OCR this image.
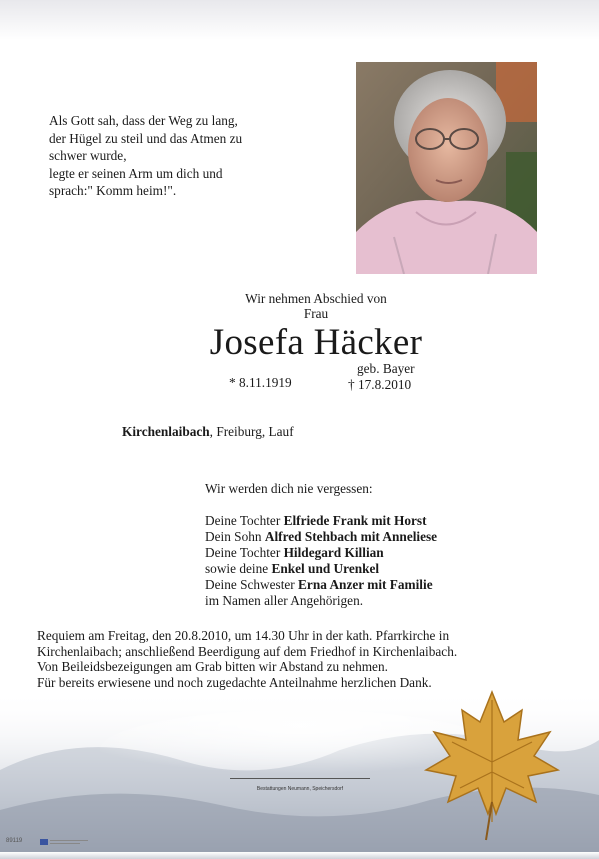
Als Gott sah, dass der Weg zu lang,
der Hügel zu steil und das Atmen zu
schwer wurde,
legte er seinen Arm um dich und
sprach:" Komm heim!".
Wir nehmen Abschied von
Frau
Josefa Häcker
geb. Bayer
* 8.11.1919	† 17.8.2010
Kirchenlaibach, Freiburg, Lauf
Wir werden dich nie vergessen:
Deine Tochter Elfriede Frank mit Horst
Dein Sohn Alfred Stehbach mit Anneliese
Deine Tochter Hildegard Killian
sowie deine Enkel und Urenkel
Deine Schwester Erna Anzer mit Familie
im Namen aller Angehörigen.
Requiem am Freitag, den 20.8.2010, um 14.30 Uhr in der kath. Pfarrkirche in
Kirchenlaibach; anschließend Beerdigung auf dem Friedhof in Kirchenlaibach.
Von Beileidsbezeigungen am Grab bitten wir Abstand zu nehmen.
Für bereits erwiesene und noch zugedachte Anteilnahme herzlichen Dank.
Bestattungen Neumann, Speichersdorf
89119
